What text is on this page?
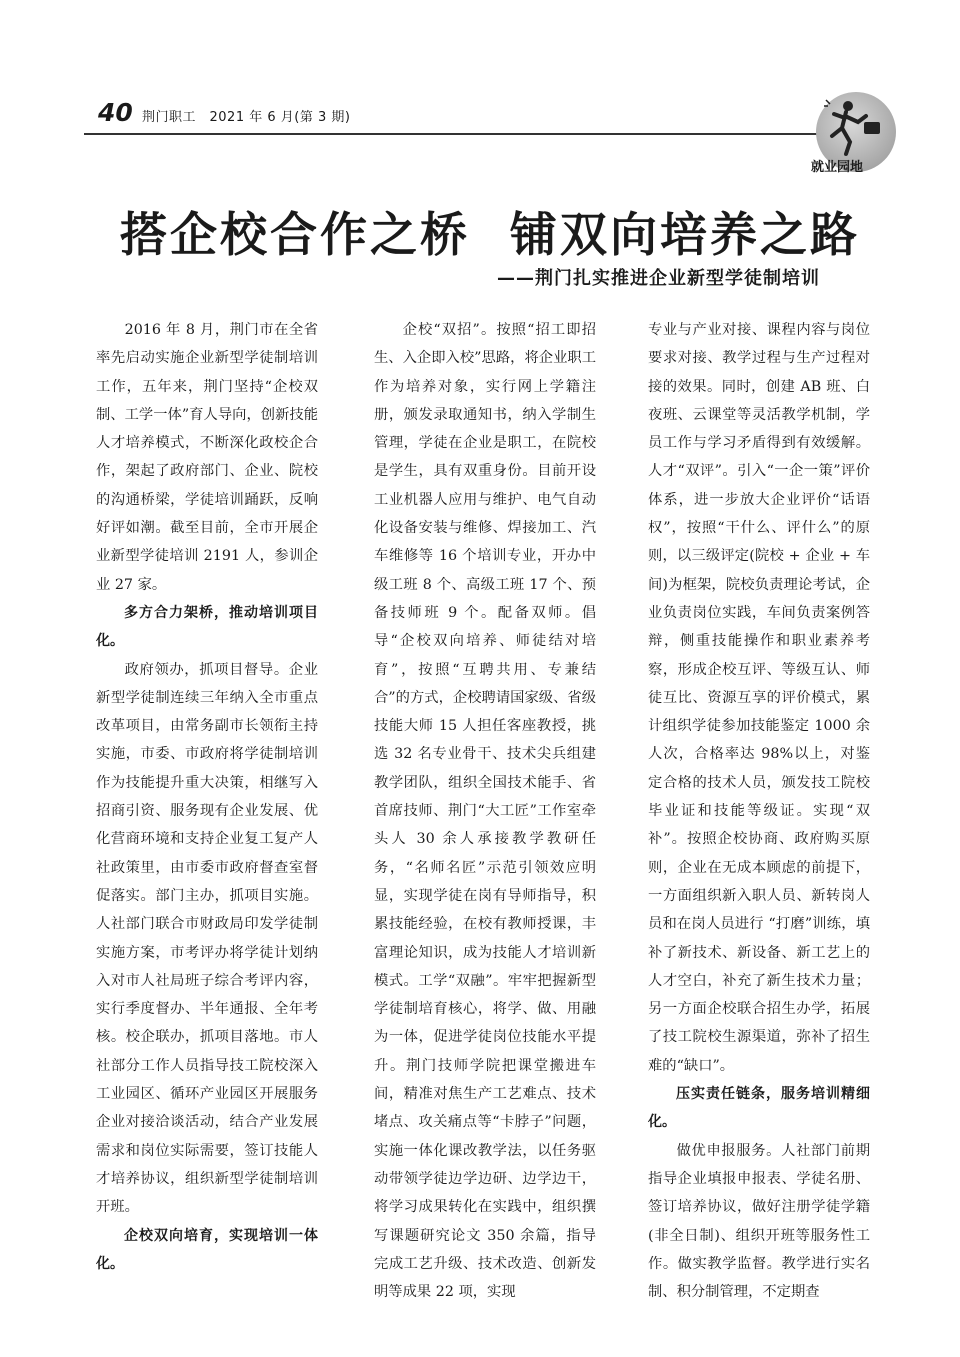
40 荆门职工　2021 年 6 月(第 3 期)
就业园地
搭企校合作之桥 铺双向培养之路
——荆门扎实推进企业新型学徒制培训

2016 年 8 月，荆门市在全省率先启动实施企业新型学徒制培训工作，五年来，荆门坚持“企校双制、工学一体”育人导向，创新技能人才培养模式，不断深化政校企合作，架起了政府部门、企业、院校的沟通桥梁，学徒培训踊跃，反响好评如潮。截至目前，全市开展企业新型学徒培训 2191 人，参训企业 27 家。

多方合力架桥，推动培训项目化。

政府领办，抓项目督导。企业新型学徒制连续三年纳入全市重点改革项目，由常务副市长领衔主持实施，市委、市政府将学徒制培训作为技能提升重大决策，相继写入招商引资、服务现有企业发展、优化营商环境和支持企业复工复产人社政策里，由市委市政府督查室督促落实。部门主办，抓项目实施。人社部门联合市财政局印发学徒制实施方案，市考评办将学徒计划纳入对市人社局班子综合考评内容，实行季度督办、半年通报、全年考核。校企联办，抓项目落地。市人社部分工作人员指导技工院校深入工业园区、循环产业园区开展服务企业对接洽谈活动，结合产业发展需求和岗位实际需要，签订技能人才培养协议，组织新型学徒制培训开班。

企校双向培育，实现培训一体化。

企校“双招”。按照“招工即招生、入企即入校”思路，将企业职工作为培养对象，实行网上学籍注册，颁发录取通知书，纳入学制生管理，学徒在企业是职工，在院校是学生，具有双重身份。目前开设工业机器人应用与维护、电气自动化设备安装与维修、焊接加工、汽车维修等 16 个培训专业，开办中级工班 8 个、高级工班 17 个、预备技师班 9 个。配备双师。倡导“企校双向培养、师徒结对培育”，按照“互聘共用、专兼结合”的方式，企校聘请国家级、省级技能大师 15 人担任客座教授，挑选 32 名专业骨干、技术尖兵组建教学团队，组织全国技术能手、省首席技师、荆门“大工匠”工作室牵头人 30 余人承接教学教研任务，“名师名匠”示范引领效应明显，实现学徒在岗有导师指导，积累技能经验，在校有教师授课，丰富理论知识，成为技能人才培训新模式。工学“双融”。牢牢把握新型学徒制培育核心，将学、做、用融为一体，促进学徒岗位技能水平提升。荆门技师学院把课堂搬进车间，精准对焦生产工艺难点、技术堵点、攻关痛点等“卡脖子”问题，实施一体化课改教学法，以任务驱动带领学徒边学边研、边学边干，将学习成果转化在实践中，组织撰写课题研究论文 350 余篇，指导完成工艺升级、技术改造、创新发明等成果 22 项，实现

专业与产业对接、课程内容与岗位要求对接、教学过程与生产过程对接的效果。同时，创建 AB 班、白夜班、云课堂等灵活教学机制，学员工作与学习矛盾得到有效缓解。人才“双评”。引入“一企一策”评价体系，进一步放大企业评价“话语权”，按照“干什么、评什么”的原则，以三级评定(院校 + 企业 + 车间)为框架，院校负责理论考试，企业负责岗位实践，车间负责案例答辩，侧重技能操作和职业素养考察，形成企校互评、等级互认、师徒互比、资源互享的评价模式，累计组织学徒参加技能鉴定 1000 余人次，合格率达 98%以上，对鉴定合格的技术人员，颁发技工院校毕业证和技能等级证。实现“双补”。按照企校协商、政府购买原则，企业在无成本顾虑的前提下，一方面组织新入职人员、新转岗人员和在岗人员进行 “打磨”训练，填补了新技术、新设备、新工艺上的人才空白，补充了新生技术力量；另一方面企校联合招生办学，拓展了技工院校生源渠道，弥补了招生难的“缺口”。

压实责任链条，服务培训精细化。

做优申报服务。人社部门前期指导企业填报申报表、学徒名册、签订培养协议，做好注册学徒学籍(非全日制)、组织开班等服务性工作。做实教学监督。教学进行实名制、积分制管理，不定期查
